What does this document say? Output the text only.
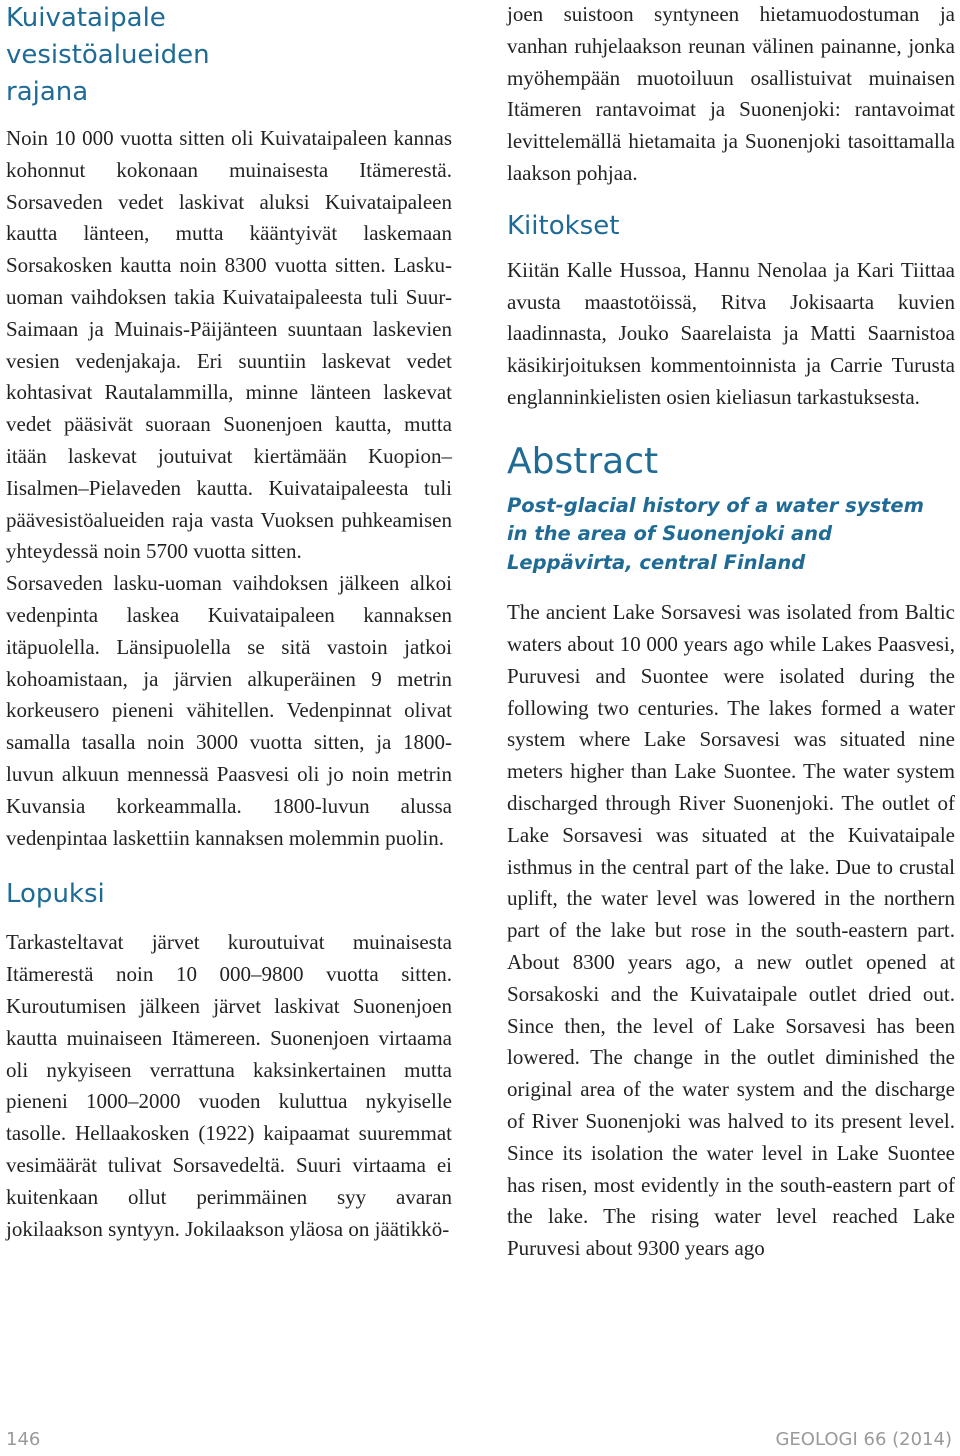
Kuivataipale vesistöalueiden rajana

Noin 10 000 vuotta sitten oli Kuivataipaleen kannas kohonnut kokonaan muinaisesta Itämerestä. Sorsaveden vedet laskivat aluksi Kuivataipaleen kautta länteen, mutta kääntyivät laskemaan Sorsakosken kautta noin 8300 vuotta sitten. Lasku-uoman vaihdoksen takia Kuivataipaleesta tuli Suur-Saimaan ja Muinais-Päijänteen suuntaan laskevien vesien vedenjakaja. Eri suuntiin laskevat vedet kohtasivat Rautalammilla, minne länteen laskevat vedet pääsivät suoraan Suonenjoen kautta, mutta itään laskevat joutuivat kiertämään Kuopion–Iisalmen–Pielaveden kautta. Kuivataipaleesta tuli päävesistöalueiden raja vasta Vuoksen puhkeamisen yhteydessä noin 5700 vuotta sitten.

Sorsaveden lasku-uoman vaihdoksen jälkeen alkoi vedenpinta laskea Kuivataipaleen kannaksen itäpuolella. Länsipuolella se sitä vastoin jatkoi kohoamistaan, ja järvien alkuperäinen 9 metrin korkeusero pieneni vähitellen. Vedenpinnat olivat samalla tasalla noin 3000 vuotta sitten, ja 1800-luvun alkuun mennessä Paasvesi oli jo noin metrin Kuvansia korkeammalla. 1800-luvun alussa vedenpintaa laskettiin kannaksen molemmin puolin.

Lopuksi

Tarkasteltavat järvet kuroutuivat muinaisesta Itämerestä noin 10 000–9800 vuotta sitten. Kuroutumisen jälkeen järvet laskivat Suonenjoen kautta muinaiseen Itämereen. Suonenjoen virtaama oli nykyiseen verrattuna kaksinkertainen mutta pieneni 1000–2000 vuoden kuluttua nykyiselle tasolle. Hellaakosken (1922) kaipaamat suuremmat vesimäärät tulivat Sorsavedeltä. Suuri virtaama ei kuitenkaan ollut perimmäinen syy avaran jokilaakson syntyyn. Jokilaakson yläosa on jäätikkö-

joen suistoon syntyneen hietamuodostuman ja vanhan ruhjelaakson reunan välinen painanne, jonka myöhempään muotoiluun osallistuivat muinaisen Itämeren rantavoimat ja Suonenjoki: rantavoimat levittelemällä hietamaita ja Suonenjoki tasoittamalla laakson pohjaa.

Kiitokset

Kiitän Kalle Hussoa, Hannu Nenolaa ja Kari Tiittaa avusta maastotöissä, Ritva Jokisaarta kuvien laadinnasta, Jouko Saarelaista ja Matti Saarnistoa käsikirjoituksen kommentoinnista ja Carrie Turusta englanninkielisten osien kieliasun tarkastuksesta.

Abstract

Post-glacial history of a water system in the area of Suonenjoki and Leppävirta, central Finland

The ancient Lake Sorsavesi was isolated from Baltic waters about 10 000 years ago while Lakes Paasvesi, Puruvesi and Suontee were isolated during the following two centuries. The lakes formed a water system where Lake Sorsavesi was situated nine meters higher than Lake Suontee. The water system discharged through River Suonenjoki. The outlet of Lake Sorsavesi was situated at the Kuivataipale isthmus in the central part of the lake. Due to crustal uplift, the water level was lowered in the northern part of the lake but rose in the south-eastern part. About 8300 years ago, a new outlet opened at Sorsakoski and the Kuivataipale outlet dried out. Since then, the level of Lake Sorsavesi has been lowered. The change in the outlet diminished the original area of the water system and the discharge of River Suonenjoki was halved to its present level. Since its isolation the water level in Lake Suontee has risen, most evidently in the south-eastern part of the lake. The rising water level reached Lake Puruvesi about 9300 years ago

146	GEOLOGI 66 (2014)
